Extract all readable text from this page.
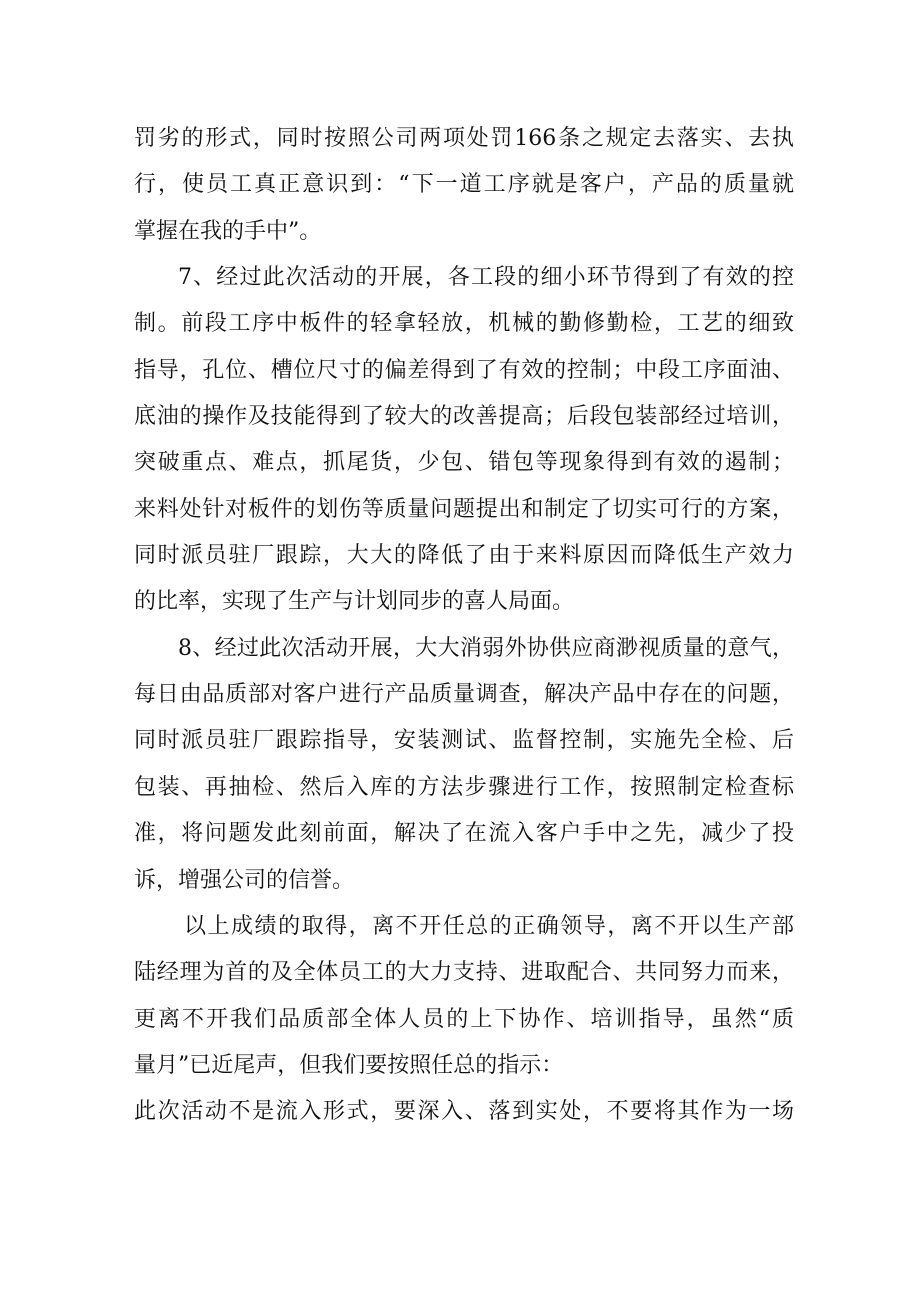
罚劣的形式，同时按照公司两项处罚166条之规定去落实、去执
行，使员工真正意识到：“下一道工序就是客户，产品的质量就
掌握在我的手中”。
7、经过此次活动的开展，各工段的细小环节得到了有效的控
制。前段工序中板件的轻拿轻放，机械的勤修勤检，工艺的细致
指导，孔位、槽位尺寸的偏差得到了有效的控制；中段工序面油、
底油的操作及技能得到了较大的改善提高；后段包装部经过培训，
突破重点、难点，抓尾货，少包、错包等现象得到有效的遏制；
来料处针对板件的划伤等质量问题提出和制定了切实可行的方案，
同时派员驻厂跟踪，大大的降低了由于来料原因而降低生产效力
的比率，实现了生产与计划同步的喜人局面。
8、经过此次活动开展，大大消弱外协供应商渺视质量的意气，
每日由品质部对客户进行产品质量调查，解决产品中存在的问题，
同时派员驻厂跟踪指导，安装测试、监督控制，实施先全检、后
包装、再抽检、然后入库的方法步骤进行工作，按照制定检查标
准，将问题发此刻前面，解决了在流入客户手中之先，减少了投
诉，增强公司的信誉。
以上成绩的取得，离不开任总的正确领导，离不开以生产部
陆经理为首的及全体员工的大力支持、进取配合、共同努力而来，
更离不开我们品质部全体人员的上下协作、培训指导，虽然“质
量月”已近尾声，但我们要按照任总的指示：
此次活动不是流入形式，要深入、落到实处，不要将其作为一场
